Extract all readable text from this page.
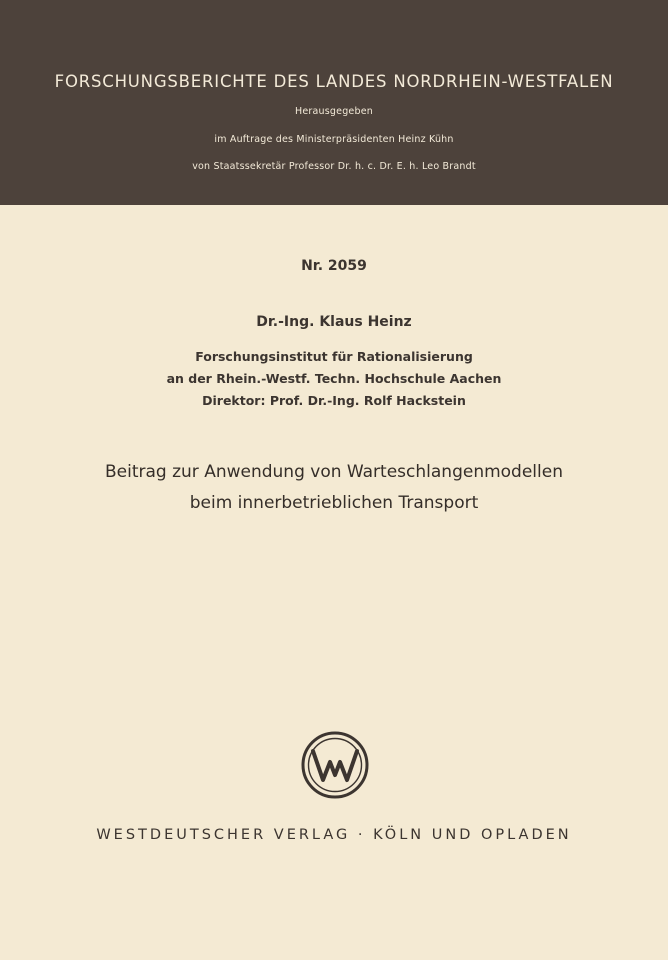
FORSCHUNGSBERICHTE DES LANDES NORDRHEIN-WESTFALEN
Herausgegeben
im Auftrage des Ministerpräsidenten Heinz Kühn
von Staatssekretär Professor Dr. h. c. Dr. E. h. Leo Brandt
Nr. 2059
Dr.-Ing. Klaus Heinz
Forschungsinstitut für Rationalisierung
an der Rhein.-Westf. Techn. Hochschule Aachen
Direktor: Prof. Dr.-Ing. Rolf Hackstein
Beitrag zur Anwendung von Warteschlangenmodellen
beim innerbetrieblichen Transport
WESTDEUTSCHER VERLAG · KÖLN UND OPLADEN
